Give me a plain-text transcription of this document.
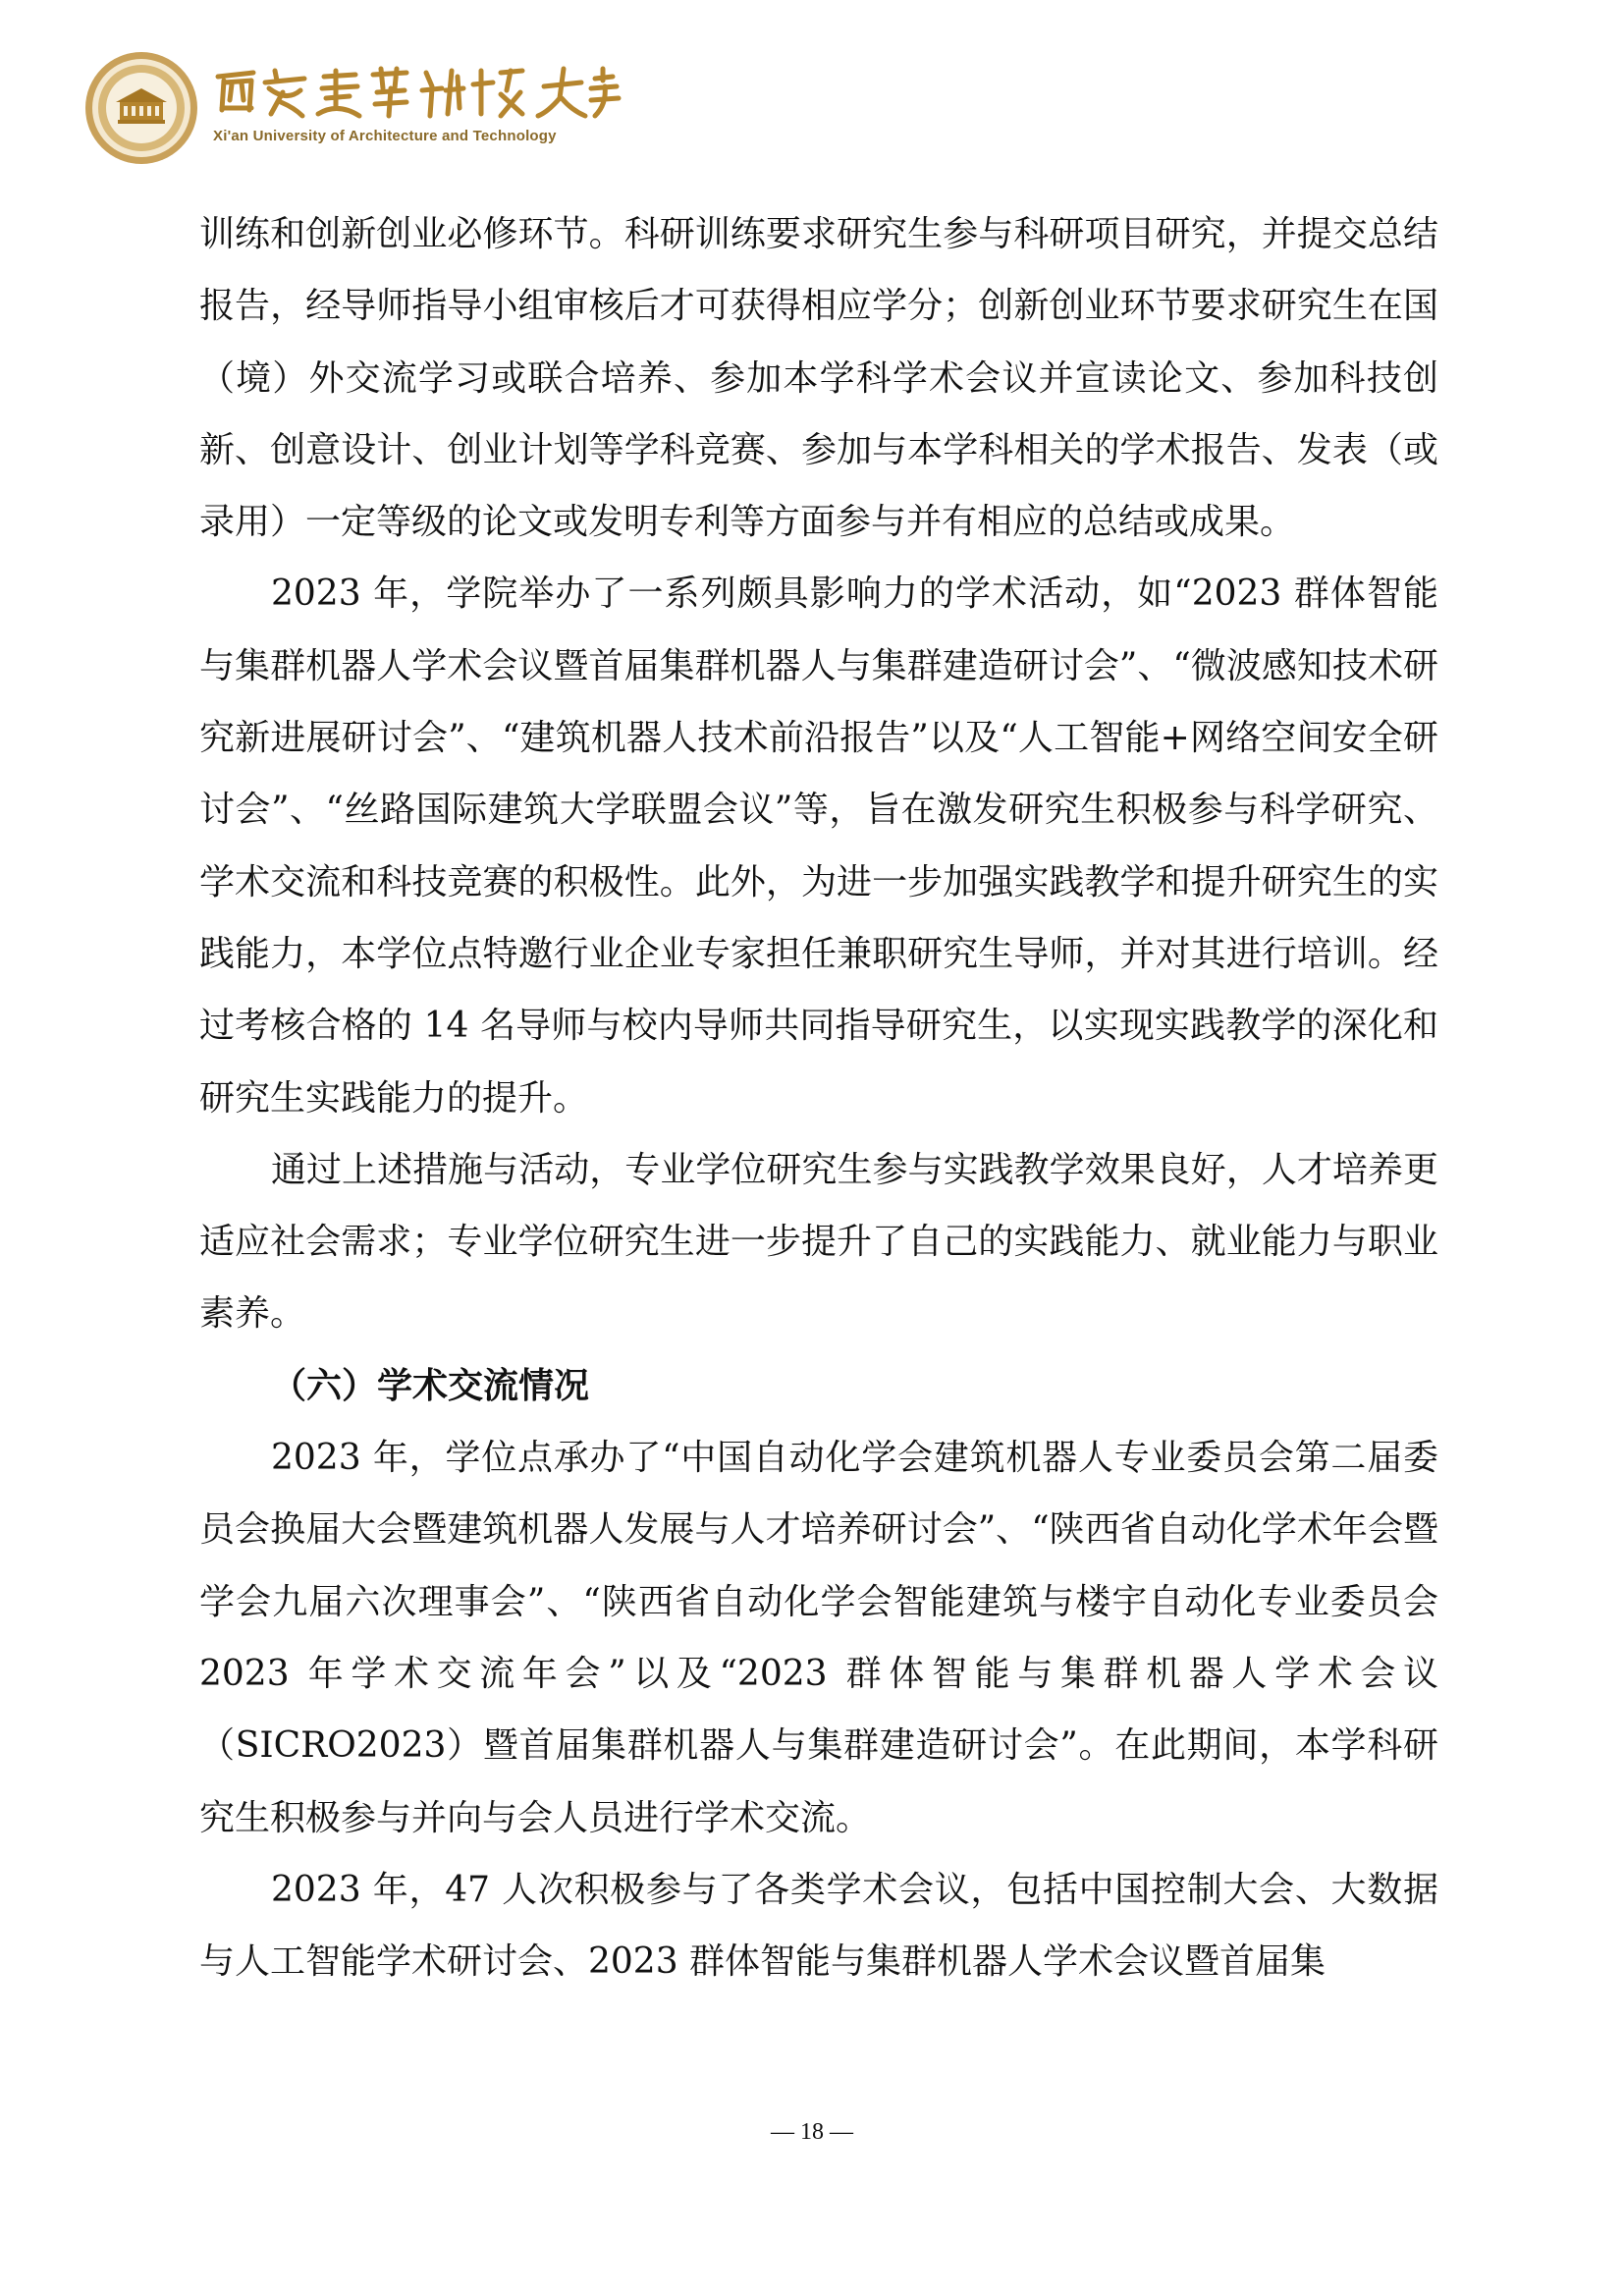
Xi'an University of Architecture and Technology

训练和创新创业必修环节。科研训练要求研究生参与科研项目研究，并提交总结报告，经导师指导小组审核后才可获得相应学分；创新创业环节要求研究生在国（境）外交流学习或联合培养、参加本学科学术会议并宣读论文、参加科技创新、创意设计、创业计划等学科竞赛、参加与本学科相关的学术报告、发表（或录用）一定等级的论文或发明专利等方面参与并有相应的总结或成果。

2023 年，学院举办了一系列颇具影响力的学术活动，如“2023 群体智能与集群机器人学术会议暨首届集群机器人与集群建造研讨会”、“微波感知技术研究新进展研讨会”、“建筑机器人技术前沿报告”以及“人工智能+网络空间安全研讨会”、“丝路国际建筑大学联盟会议”等，旨在激发研究生积极参与科学研究、学术交流和科技竞赛的积极性。此外，为进一步加强实践教学和提升研究生的实践能力，本学位点特邀行业企业专家担任兼职研究生导师，并对其进行培训。经过考核合格的 14 名导师与校内导师共同指导研究生，以实现实践教学的深化和研究生实践能力的提升。

通过上述措施与活动，专业学位研究生参与实践教学效果良好，人才培养更适应社会需求；专业学位研究生进一步提升了自己的实践能力、就业能力与职业素养。

（六）学术交流情况

2023 年，学位点承办了“中国自动化学会建筑机器人专业委员会第二届委员会换届大会暨建筑机器人发展与人才培养研讨会”、“陕西省自动化学术年会暨学会九届六次理事会”、“陕西省自动化学会智能建筑与楼宇自动化专业委员会 2023 年学术交流年会”以及“2023 群体智能与集群机器人学术会议（SICRO2023）暨首届集群机器人与集群建造研讨会”。在此期间，本学科研究生积极参与并向与会人员进行学术交流。

2023 年，47 人次积极参与了各类学术会议，包括中国控制大会、大数据与人工智能学术研讨会、2023 群体智能与集群机器人学术会议暨首届集

— 18 —
